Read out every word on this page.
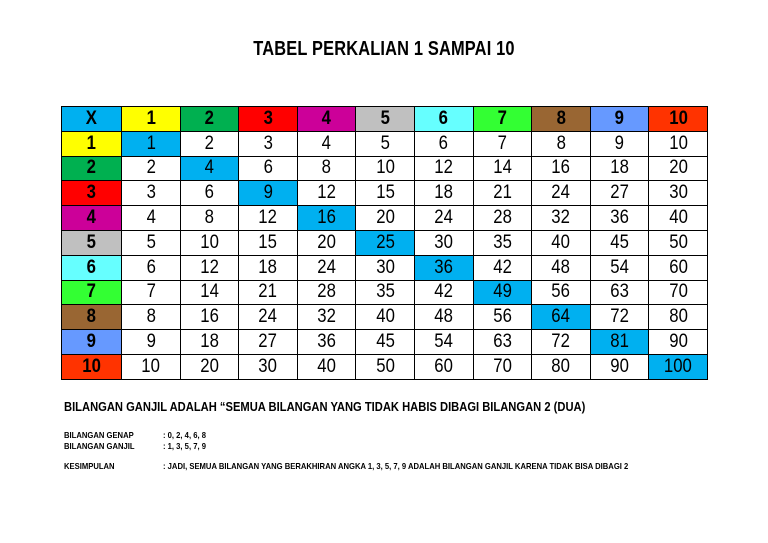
TABEL PERKALIAN 1 SAMPAI 10
X	1	2	3	4	5	6	7	8	9	10
1	1	2	3	4	5	6	7	8	9	10
2	2	4	6	8	10	12	14	16	18	20
3	3	6	9	12	15	18	21	24	27	30
4	4	8	12	16	20	24	28	32	36	40
5	5	10	15	20	25	30	35	40	45	50
6	6	12	18	24	30	36	42	48	54	60
7	7	14	21	28	35	42	49	56	63	70
8	8	16	24	32	40	48	56	64	72	80
9	9	18	27	36	45	54	63	72	81	90
10	10	20	30	40	50	60	70	80	90	100
BILANGAN GANJIL ADALAH “SEMUA BILANGAN YANG TIDAK HABIS DIBAGI BILANGAN 2 (DUA)
BILANGAN GENAP	: 0, 2, 4, 6, 8
BILANGAN GANJIL	: 1, 3, 5, 7, 9
KESIMPULAN	: JADI, SEMUA BILANGAN YANG BERAKHIRAN ANGKA 1, 3, 5, 7, 9 ADALAH BILANGAN GANJIL KARENA TIDAK BISA DIBAGI 2
